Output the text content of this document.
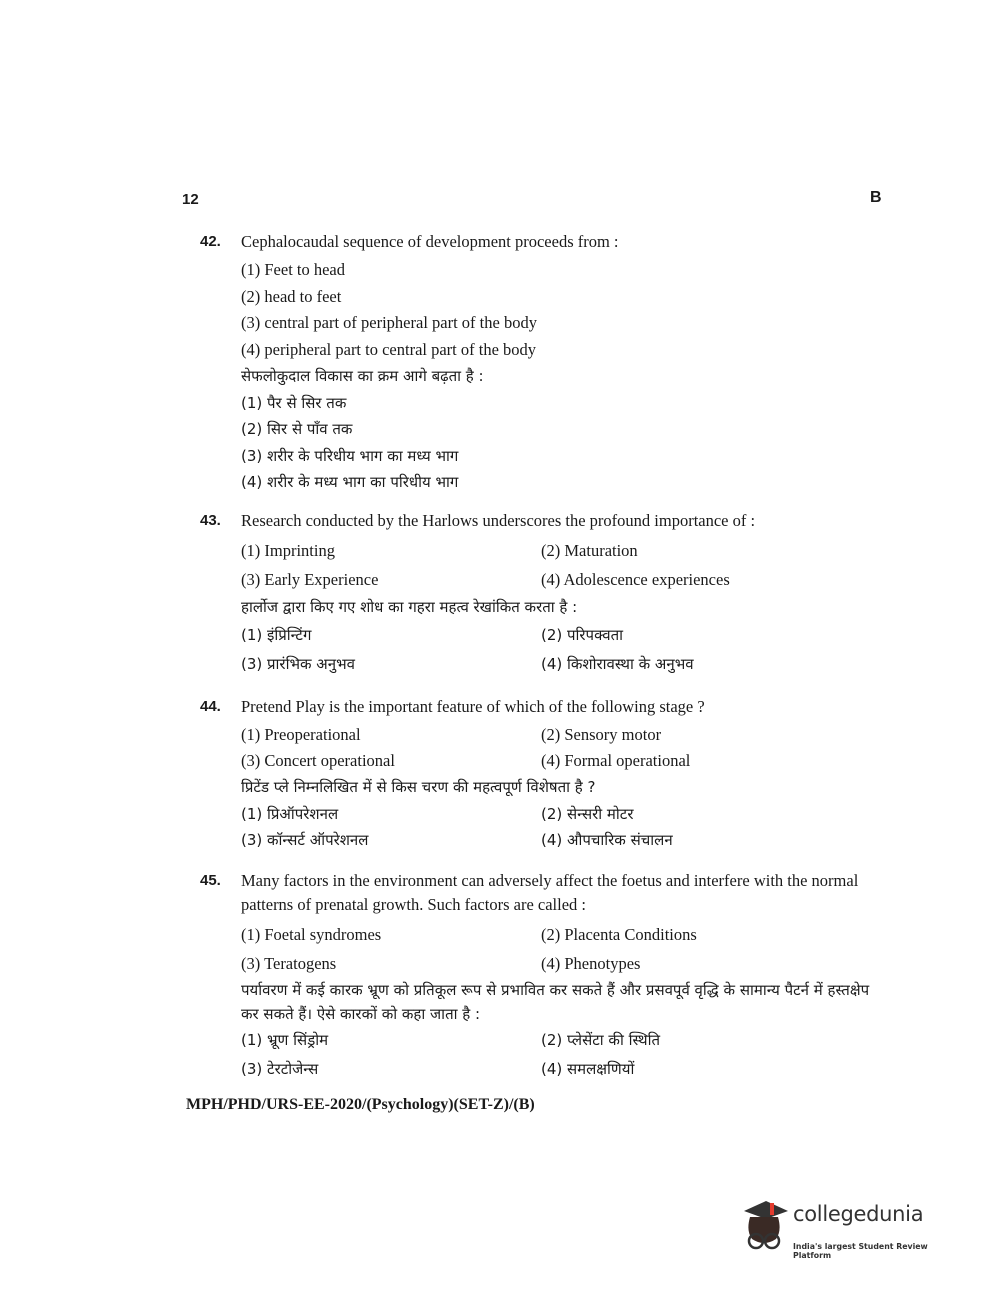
12	B
42. Cephalocaudal sequence of development proceeds from :
(1) Feet to head
(2) head to feet
(3) central part of peripheral part of the body
(4) peripheral part to central part of the body
सेफलोकुदाल विकास का क्रम आगे बढ़ता है :
(1) पैर से सिर तक
(2) सिर से पाँव तक
(3) शरीर के परिधीय भाग का मध्य भाग
(4) शरीर के मध्य भाग का परिधीय भाग
43. Research conducted by the Harlows underscores the profound importance of :
(1) Imprinting	(2) Maturation
(3) Early Experience	(4) Adolescence experiences
हार्लोज द्वारा किए गए शोध का गहरा महत्व रेखांकित करता है :
(1) इंप्रिन्टिंग	(2) परिपक्वता
(3) प्रारंभिक अनुभव	(4) किशोरावस्था के अनुभव
44. Pretend Play is the important feature of which of the following stage ?
(1) Preoperational	(2) Sensory motor
(3) Concert operational	(4) Formal operational
प्रिटेंड प्ले निम्नलिखित में से किस चरण की महत्वपूर्ण विशेषता है ?
(1) प्रिऑपरेशनल	(2) सेन्सरी मोटर
(3) कॉन्सर्ट ऑपरेशनल	(4) औपचारिक संचालन
45. Many factors in the environment can adversely affect the foetus and interfere with the normal patterns of prenatal growth. Such factors are called :
(1) Foetal syndromes	(2) Placenta Conditions
(3) Teratogens	(4) Phenotypes
पर्यावरण में कई कारक भ्रूण को प्रतिकूल रूप से प्रभावित कर सकते हैं और प्रसवपूर्व वृद्धि के सामान्य पैटर्न में हस्तक्षेप कर सकते हैं। ऐसे कारकों को कहा जाता है :
(1) भ्रूण सिंड्रोम	(2) प्लेसेंटा की स्थिति
(3) टेरटोजेन्स	(4) समलक्षणियों
MPH/PHD/URS-EE-2020/(Psychology)(SET-Z)/(B)
collegedunia
India's largest Student Review Platform
